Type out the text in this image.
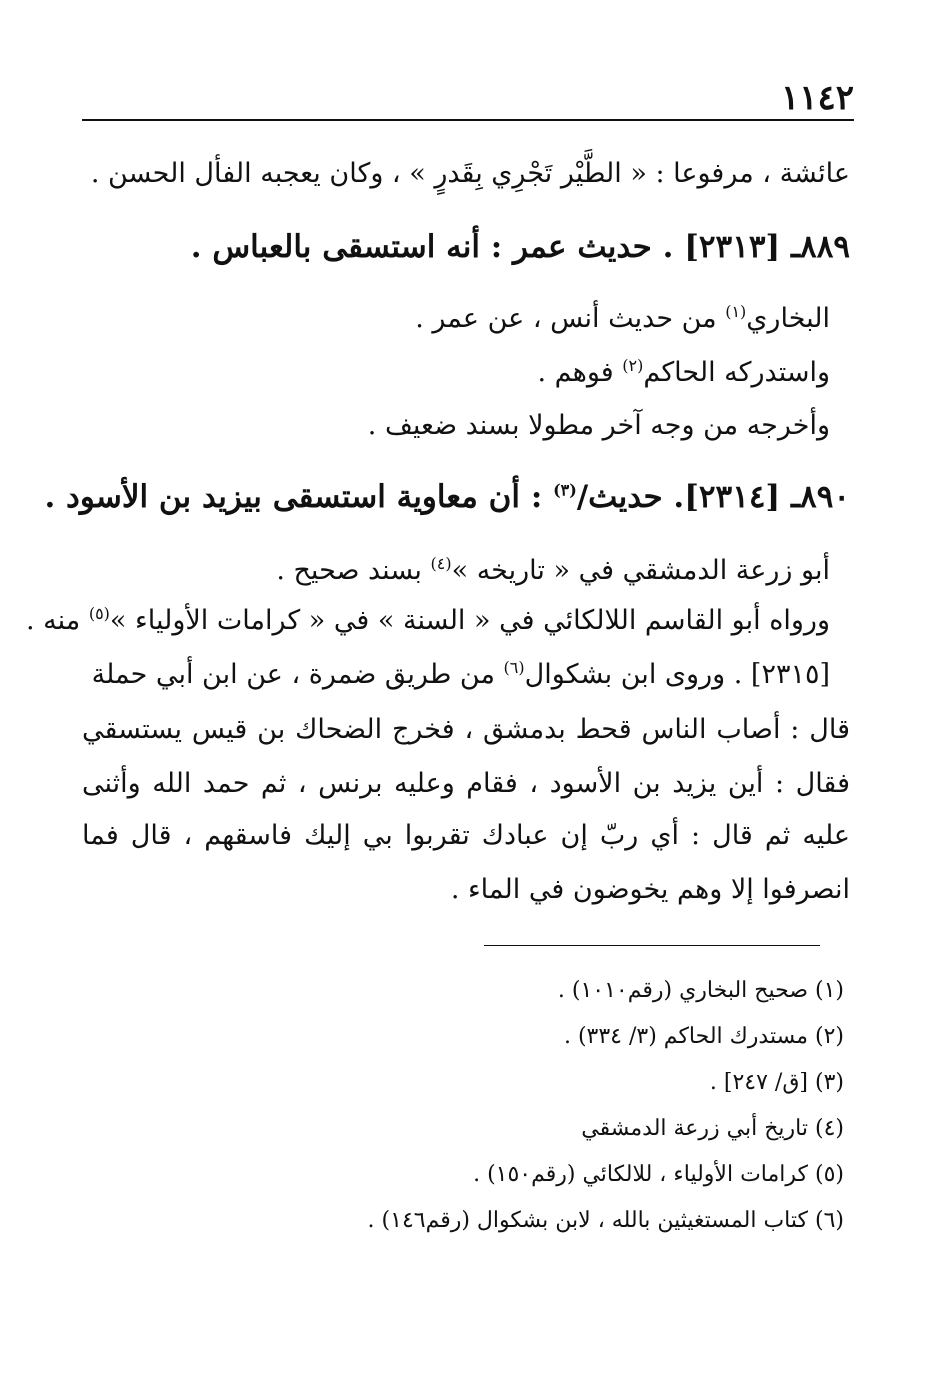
١١٤٢
عائشة ، مرفوعا : « الطَّيْر تَجْرِي بِقَدرٍ » ، وكان يعجبه الفأل الحسن .
٨٨٩ـ [٢٣١٣] . حديث عمر : أنه استسقى بالعباس .
البخاري$^{(١)}$ من حديث أنس ، عن عمر .
واستدركه الحاكم$^{(٢)}$ فوهم .
وأخرجه من وجه آخر مطولا بسند ضعيف .
٨٩٠ـ [٢٣١٤]. حديث/$^{(٣)}$ : أن معاوية استسقى بيزيد بن الأسود .
أبو زرعة الدمشقي في « تاريخه »$^{(٤)}$ بسند صحيح .
ورواه أبو القاسم اللالكائي في « السنة » في « كرامات الأولياء »$^{(٥)}$ منه .
[٢٣١٥] . وروى ابن بشكوال$^{(٦)}$ من طريق ضمرة ، عن ابن أبي حملة
قال : أصاب الناس قحط بدمشق ، فخرج الضحاك بن قيس يستسقي
فقال : أين يزيد بن الأسود ، فقام وعليه برنس ، ثم حمد الله وأثنى
عليه ثم قال : أي ربّ إن عبادك تقربوا بي إليك فاسقهم ، قال فما
انصرفوا إلا وهم يخوضون في الماء .
(١) صحيح البخاري (رقم١٠١٠) .
(٢) مستدرك الحاكم (٣/ ٣٣٤) .
(٣) [ق/ ٢٤٧] .
(٤) تاريخ أبي زرعة الدمشقي
(٥) كرامات الأولياء ، للالكائي (رقم١٥٠) .
(٦) كتاب المستغيثين بالله ، لابن بشكوال (رقم١٤٦) .
